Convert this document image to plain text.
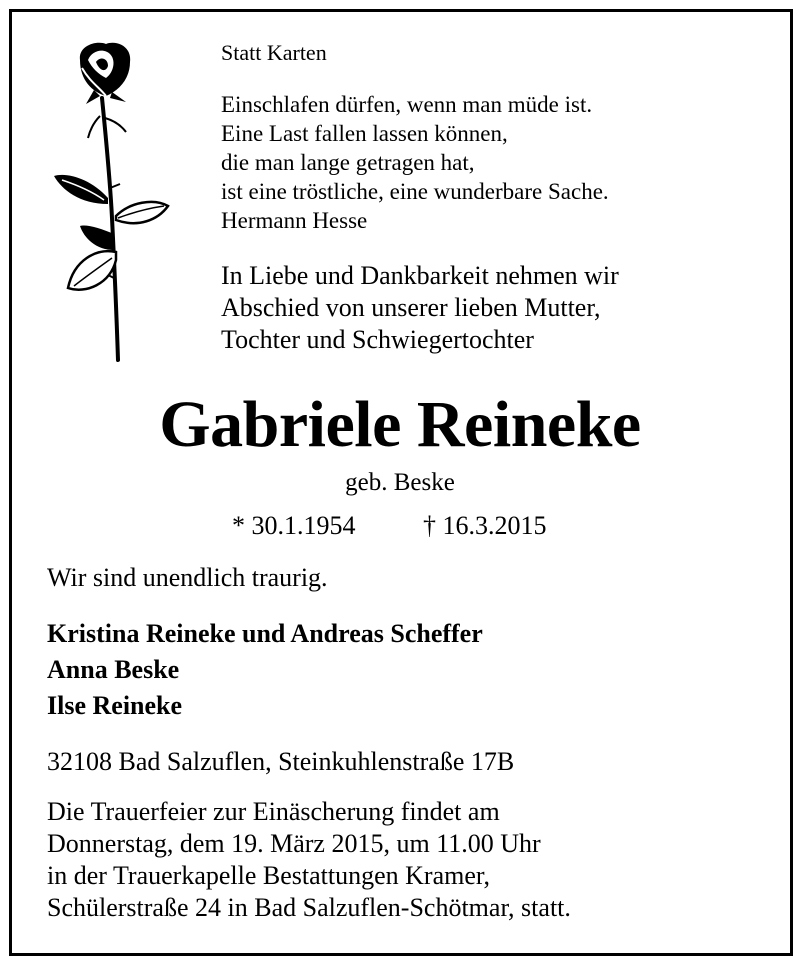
Statt Karten
Einschlafen dürfen, wenn man müde ist.
Eine Last fallen lassen können,
die man lange getragen hat,
ist eine tröstliche, eine wunderbare Sache.
Hermann Hesse
In Liebe und Dankbarkeit nehmen wir
Abschied von unserer lieben Mutter,
Tochter und Schwiegertochter
Gabriele Reineke
geb. Beske
* 30.1.1954	† 16.3.2015
Wir sind unendlich traurig.
Kristina Reineke und Andreas Scheffer
Anna Beske
Ilse Reineke
32108 Bad Salzuflen, Steinkuhlenstraße 17B
Die Trauerfeier zur Einäscherung findet am
Donnerstag, dem 19. März 2015, um 11.00 Uhr
in der Trauerkapelle Bestattungen Kramer,
Schülerstraße 24 in Bad Salzuflen-Schötmar, statt.
